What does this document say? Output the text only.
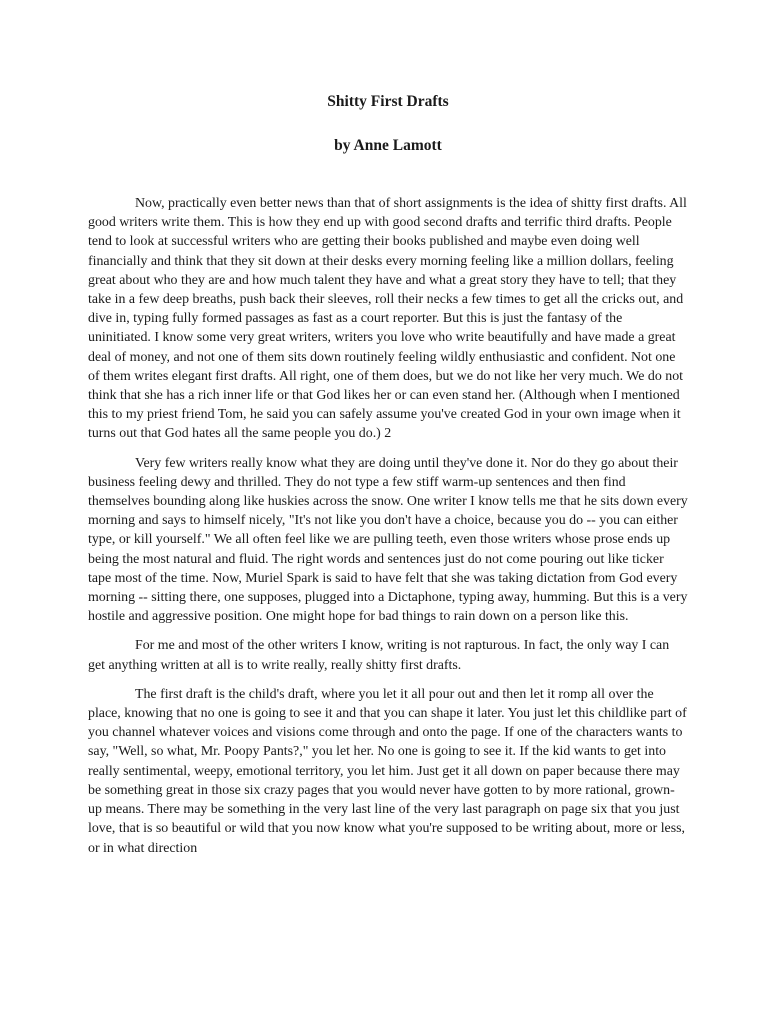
Shitty First Drafts
by Anne Lamott

Now, practically even better news than that of short assignments is the idea of shitty first drafts. All good writers write them. This is how they end up with good second drafts and terrific third drafts. People tend to look at successful writers who are getting their books published and maybe even doing well financially and think that they sit down at their desks every morning feeling like a million dollars, feeling great about who they are and how much talent they have and what a great story they have to tell; that they take in a few deep breaths, push back their sleeves, roll their necks a few times to get all the cricks out, and dive in, typing fully formed passages as fast as a court reporter. But this is just the fantasy of the uninitiated. I know some very great writers, writers you love who write beautifully and have made a great deal of money, and not one of them sits down routinely feeling wildly enthusiastic and confident. Not one of them writes elegant first drafts. All right, one of them does, but we do not like her very much. We do not think that she has a rich inner life or that God likes her or can even stand her. (Although when I mentioned this to my priest friend Tom, he said you can safely assume you've created God in your own image when it turns out that God hates all the same people you do.) 2

Very few writers really know what they are doing until they've done it. Nor do they go about their business feeling dewy and thrilled. They do not type a few stiff warm-up sentences and then find themselves bounding along like huskies across the snow. One writer I know tells me that he sits down every morning and says to himself nicely, "It's not like you don't have a choice, because you do -- you can either type, or kill yourself." We all often feel like we are pulling teeth, even those writers whose prose ends up being the most natural and fluid. The right words and sentences just do not come pouring out like ticker tape most of the time. Now, Muriel Spark is said to have felt that she was taking dictation from God every morning -- sitting there, one supposes, plugged into a Dictaphone, typing away, humming. But this is a very hostile and aggressive position. One might hope for bad things to rain down on a person like this.

For me and most of the other writers I know, writing is not rapturous. In fact, the only way I can get anything written at all is to write really, really shitty first drafts.

The first draft is the child's draft, where you let it all pour out and then let it romp all over the place, knowing that no one is going to see it and that you can shape it later. You just let this childlike part of you channel whatever voices and visions come through and onto the page. If one of the characters wants to say, "Well, so what, Mr. Poopy Pants?," you let her. No one is going to see it. If the kid wants to get into really sentimental, weepy, emotional territory, you let him. Just get it all down on paper because there may be something great in those six crazy pages that you would never have gotten to by more rational, grown-up means. There may be something in the very last line of the very last paragraph on page six that you just love, that is so beautiful or wild that you now know what you're supposed to be writing about, more or less, or in what direction
